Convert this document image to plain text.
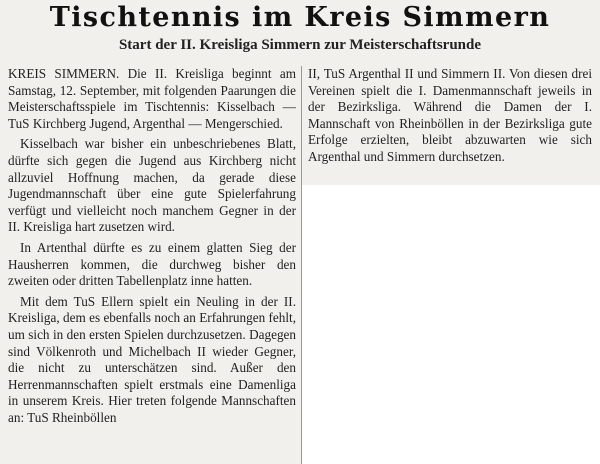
Tischtennis im Kreis Simmern
Start der II. Kreisliga Simmern zur Meisterschaftsrunde

KREIS SIMMERN. Die II. Kreisliga beginnt am Samstag, 12. September, mit folgenden Paarungen die Meisterschaftsspiele im Tischtennis: Kisselbach — TuS Kirchberg Jugend, Argenthal — Mengerschied.

Kisselbach war bisher ein unbeschriebenes Blatt, dürfte sich gegen die Jugend aus Kirchberg nicht allzuviel Hoffnung machen, da gerade diese Jugendmannschaft über eine gute Spielerfahrung verfügt und vielleicht noch manchem Gegner in der II. Kreisliga hart zusetzen wird.

In Artenthal dürfte es zu einem glatten Sieg der Hausherren kommen, die durchweg bisher den zweiten oder dritten Tabellenplatz inne hatten.

Mit dem TuS Ellern spielt ein Neuling in der II. Kreisliga, dem es ebenfalls noch an Erfahrungen fehlt, um sich in den ersten Spielen durchzusetzen. Dagegen sind Völkenroth und Michelbach II wieder Gegner, die nicht zu unterschätzen sind. Außer den Herrenmannschaften spielt erstmals eine Damenliga in unserem Kreis. Hier treten folgende Mannschaften an: TuS Rheinböllen

II, TuS Argenthal II und Simmern II. Von diesen drei Vereinen spielt die I. Damenmannschaft jeweils in der Bezirksliga. Während die Damen der I. Mannschaft von Rheinböllen in der Bezirksliga gute Erfolge erzielten, bleibt abzuwarten wie sich Argenthal und Simmern durchsetzen.
